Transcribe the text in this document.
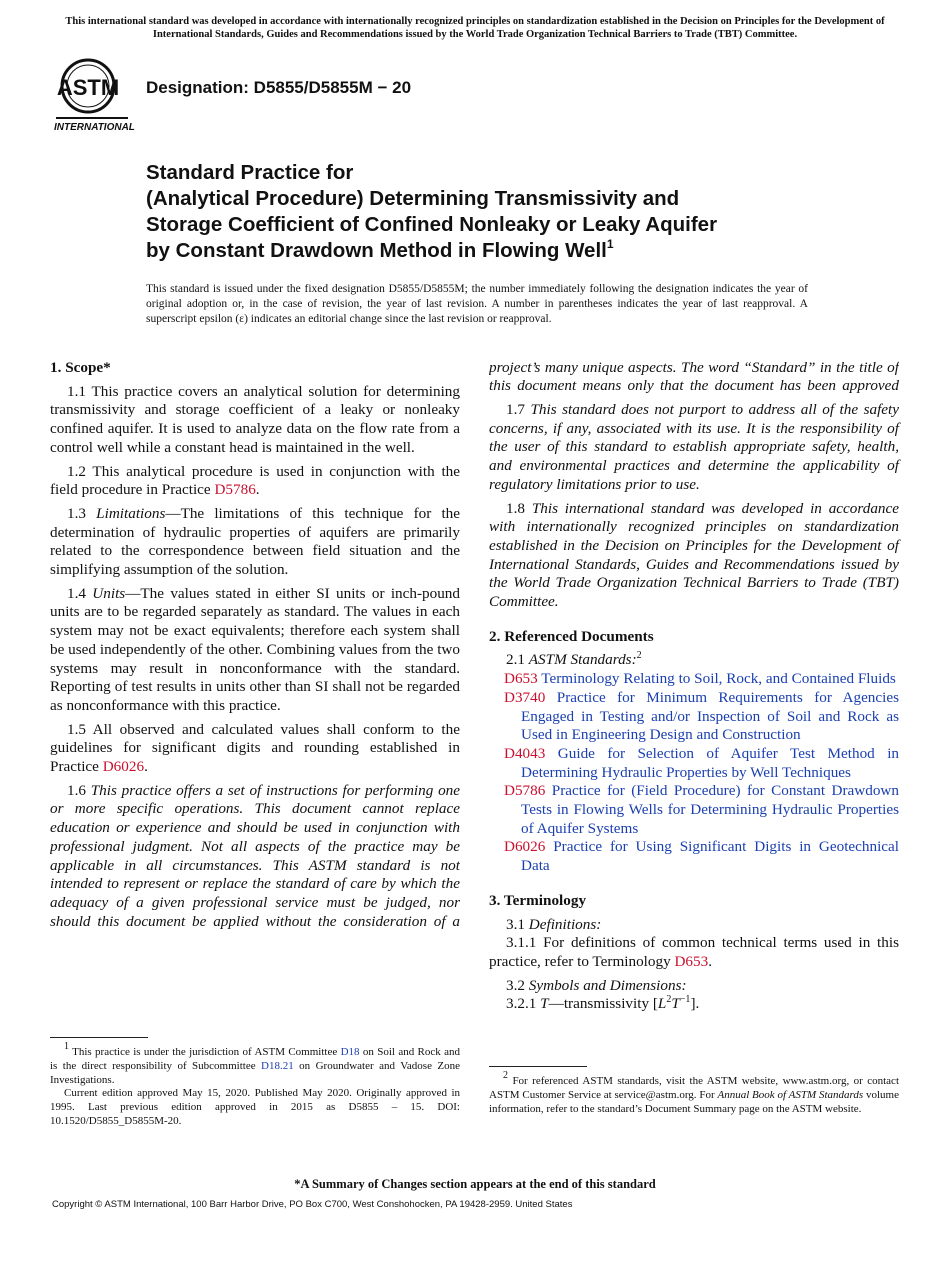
This international standard was developed in accordance with internationally recognized principles on standardization established in the Decision on Principles for the Development of International Standards, Guides and Recommendations issued by the World Trade Organization Technical Barriers to Trade (TBT) Committee.
ASTM
INTERNATIONAL
Designation: D5855/D5855M − 20
Standard Practice for
(Analytical Procedure) Determining Transmissivity and
Storage Coefficient of Confined Nonleaky or Leaky Aquifer
by Constant Drawdown Method in Flowing Well$^1$
This standard is issued under the fixed designation D5855/D5855M; the number immediately following the designation indicates the year of original adoption or, in the case of revision, the year of last revision. A number in parentheses indicates the year of last reapproval. A superscript epsilon (ε) indicates an editorial change since the last revision or reapproval.

1. Scope*

1.1 This practice covers an analytical solution for determining transmissivity and storage coefficient of a leaky or nonleaky confined aquifer. It is used to analyze data on the flow rate from a control well while a constant head is maintained in the well.

1.2 This analytical procedure is used in conjunction with the field procedure in Practice D5786.

1.3 Limitations—The limitations of this technique for the determination of hydraulic properties of aquifers are primarily related to the correspondence between field situation and the simplifying assumption of the solution.

1.4 Units—The values stated in either SI units or inch-pound units are to be regarded separately as standard. The values in each system may not be exact equivalents; therefore each system shall be used independently of the other. Combining values from the two systems may result in nonconformance with the standard. Reporting of test results in units other than SI shall not be regarded as nonconformance with this practice.

1.5 All observed and calculated values shall conform to the guidelines for significant digits and rounding established in Practice D6026.

1.6 This practice offers a set of instructions for performing one or more specific operations. This document cannot replace education or experience and should be used in conjunction with professional judgment. Not all aspects of the practice may be applicable in all circumstances. This ASTM standard is not intended to represent or replace the standard of care by which the adequacy of a given professional service must be judged, nor should this document be applied without the consideration of a

project’s many unique aspects. The word “Standard” in the title of this document means only that the document has been approved

1.7 This standard does not purport to address all of the safety concerns, if any, associated with its use. It is the responsibility of the user of this standard to establish appropriate safety, health, and environmental practices and determine the applicability of regulatory limitations prior to use.

1.8 This international standard was developed in accordance with internationally recognized principles on standardization established in the Decision on Principles for the Development of International Standards, Guides and Recommendations issued by the World Trade Organization Technical Barriers to Trade (TBT) Committee.

2. Referenced Documents

2.1 ASTM Standards:$^2$

D653 Terminology Relating to Soil, Rock, and Contained Fluids

D3740 Practice for Minimum Requirements for Agencies Engaged in Testing and/or Inspection of Soil and Rock as Used in Engineering Design and Construction

D4043 Guide for Selection of Aquifer Test Method in Determining Hydraulic Properties by Well Techniques

D5786 Practice for (Field Procedure) for Constant Drawdown Tests in Flowing Wells for Determining Hydraulic Properties of Aquifer Systems

D6026 Practice for Using Significant Digits in Geotechnical Data

3. Terminology

3.1 Definitions:

3.1.1 For definitions of common technical terms used in this practice, refer to Terminology D653.

3.2 Symbols and Dimensions:

3.2.1 T—transmissivity $[L^2T^{-1}]$.

$^1$ This practice is under the jurisdiction of ASTM Committee D18 on Soil and Rock and is the direct responsibility of Subcommittee D18.21 on Groundwater and Vadose Zone Investigations.

Current edition approved May 15, 2020. Published May 2020. Originally approved in 1995. Last previous edition approved in 2015 as D5855 – 15. DOI: 10.1520/D5855_D5855M-20.

$^2$ For referenced ASTM standards, visit the ASTM website, www.astm.org, or contact ASTM Customer Service at service@astm.org. For Annual Book of ASTM Standards volume information, refer to the standard’s Document Summary page on the ASTM website.

*A Summary of Changes section appears at the end of this standard
Copyright © ASTM International, 100 Barr Harbor Drive, PO Box C700, West Conshohocken, PA 19428-2959. United States
